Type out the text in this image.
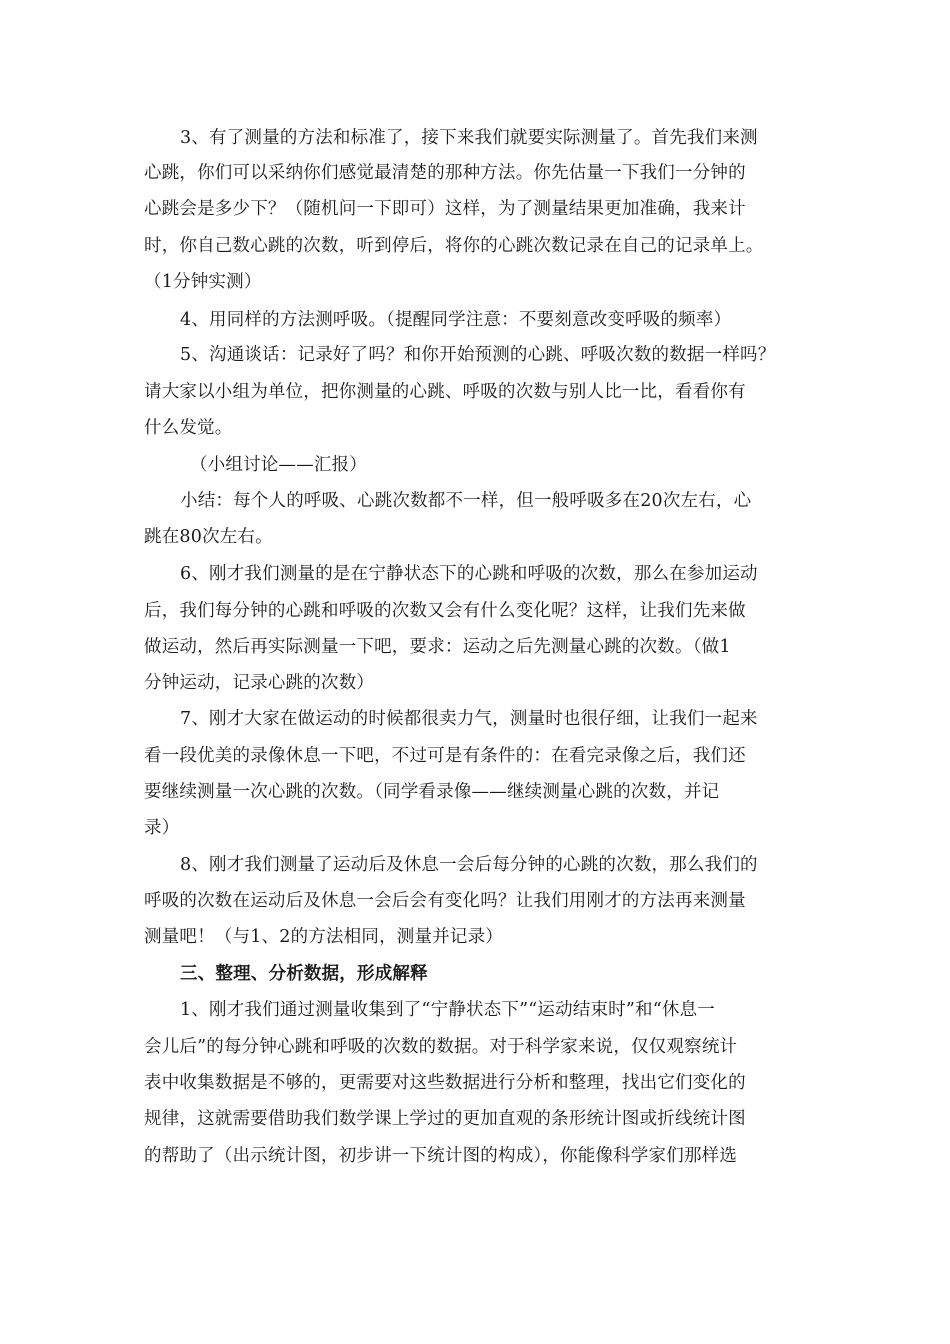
3、有了测量的方法和标准了，接下来我们就要实际测量了。首先我们来测
心跳，你们可以采纳你们感觉最清楚的那种方法。你先估量一下我们一分钟的
心跳会是多少下？（随机问一下即可）这样，为了测量结果更加准确，我来计
时，你自己数心跳的次数，听到停后，将你的心跳次数记录在自己的记录单上。
（1分钟实测）
4、用同样的方法测呼吸。（提醒同学注意：不要刻意改变呼吸的频率）
5、沟通谈话：记录好了吗？和你开始预测的心跳、呼吸次数的数据一样吗？
请大家以小组为单位，把你测量的心跳、呼吸的次数与别人比一比，看看你有
什么发觉。
（小组讨论——汇报）
小结：每个人的呼吸、心跳次数都不一样，但一般呼吸多在20次左右，心
跳在80次左右。
6、刚才我们测量的是在宁静状态下的心跳和呼吸的次数，那么在参加运动
后，我们每分钟的心跳和呼吸的次数又会有什么变化呢？这样，让我们先来做
做运动，然后再实际测量一下吧，要求：运动之后先测量心跳的次数。（做1
分钟运动，记录心跳的次数）
7、刚才大家在做运动的时候都很卖力气，测量时也很仔细，让我们一起来
看一段优美的录像休息一下吧，不过可是有条件的：在看完录像之后，我们还
要继续测量一次心跳的次数。（同学看录像——继续测量心跳的次数，并记
录）
8、刚才我们测量了运动后及休息一会后每分钟的心跳的次数，那么我们的
呼吸的次数在运动后及休息一会后会有变化吗？让我们用刚才的方法再来测量
测量吧！（与1、2的方法相同，测量并记录）
三、整理、分析数据，形成解释
1、刚才我们通过测量收集到了“宁静状态下”“运动结束时”和“休息一
会儿后”的每分钟心跳和呼吸的次数的数据。对于科学家来说，仅仅观察统计
表中收集数据是不够的，更需要对这些数据进行分析和整理，找出它们变化的
规律，这就需要借助我们数学课上学过的更加直观的条形统计图或折线统计图
的帮助了（出示统计图，初步讲一下统计图的构成），你能像科学家们那样选
